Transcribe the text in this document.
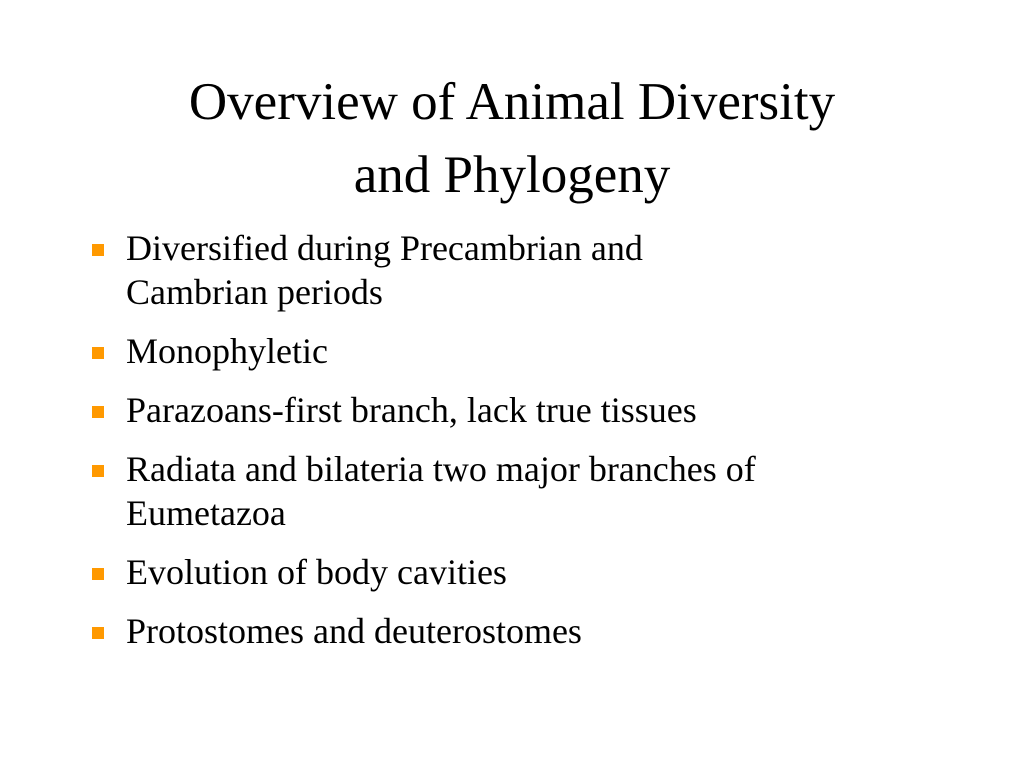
Overview of Animal Diversity
and Phylogeny
Diversified during Precambrian and
Cambrian periods
Monophyletic
Parazoans-first branch, lack true tissues
Radiata and bilateria two major branches of
Eumetazoa
Evolution of body cavities
Protostomes and deuterostomes
